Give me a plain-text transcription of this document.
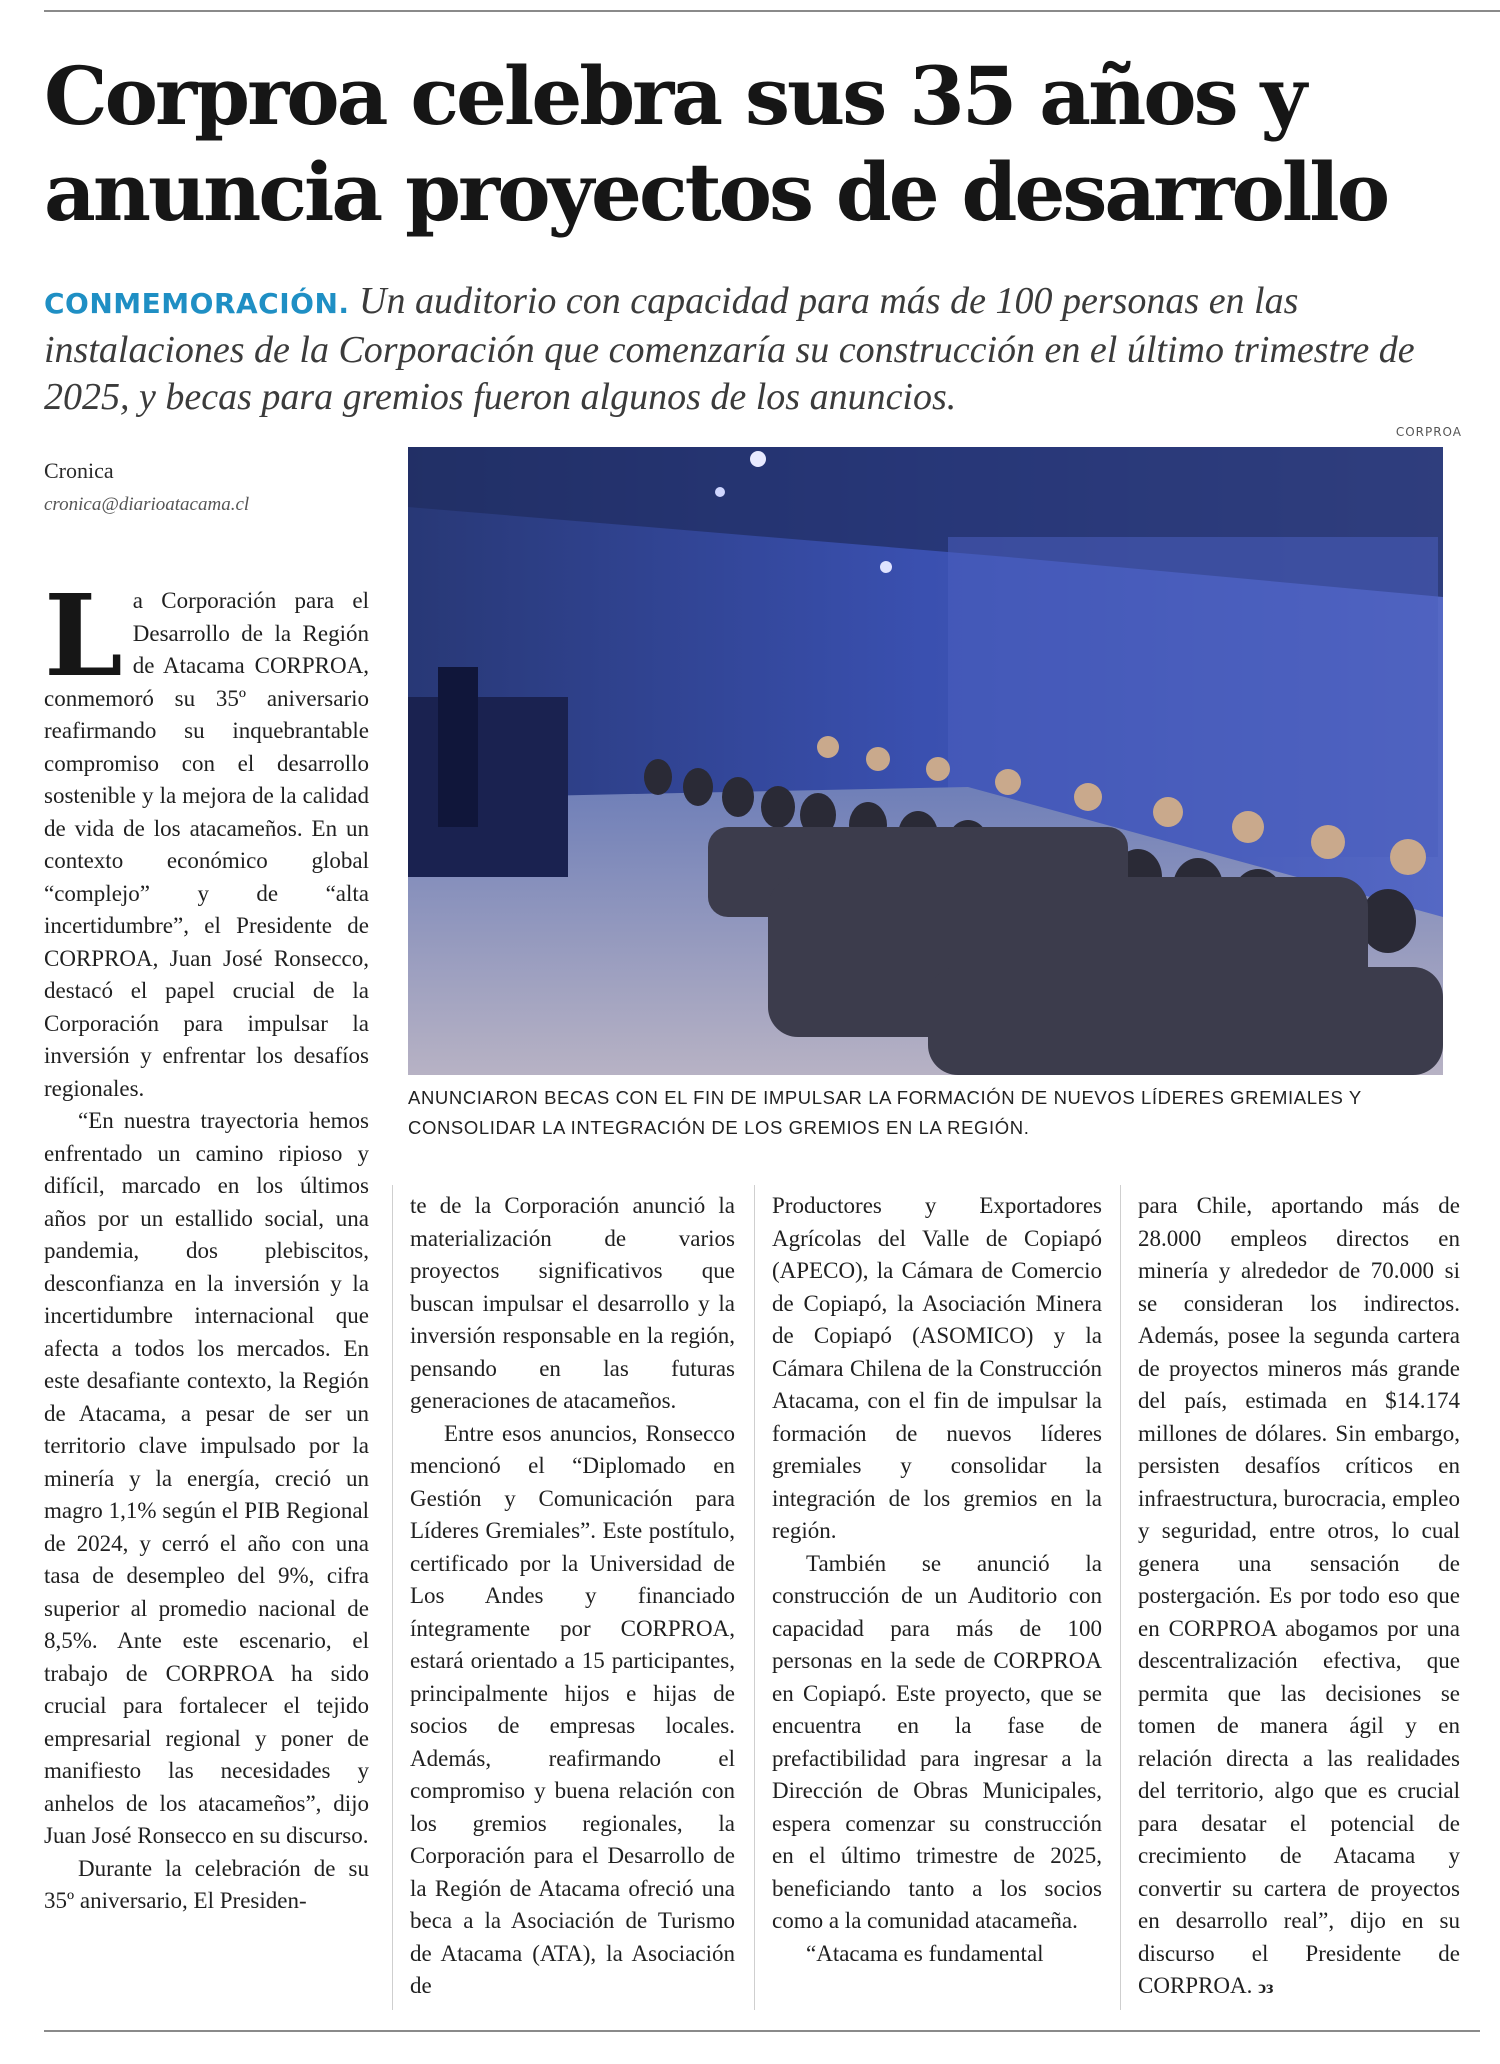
Corproa celebra sus 35 años y anuncia proyectos de desarrollo
CONMEMORACIÓN. Un auditorio con capacidad para más de 100 personas en las instalaciones de la Corporación que comenzaría su construcción en el último trimestre de 2025, y becas para gremios fueron algunos de los anuncios.
CORPROA
Cronica
cronica@diarioatacama.cl
ANUNCIARON BECAS CON EL FIN DE IMPULSAR LA FORMACIÓN DE NUEVOS LÍDERES GREMIALES Y CONSOLIDAR LA INTEGRACIÓN DE LOS GREMIOS EN LA REGIÓN.

La Corporación para el Desarrollo de la Región de Atacama CORPROA, conmemoró su 35º aniversario reafirmando su inquebrantable compromiso con el desarrollo sostenible y la mejora de la calidad de vida de los atacameños. En un contexto económico global “complejo” y de “alta incertidumbre”, el Presidente de CORPROA, Juan José Ronsecco, destacó el papel crucial de la Corporación para impulsar la inversión y enfrentar los desafíos regionales.

“En nuestra trayectoria hemos enfrentado un camino ripioso y difícil, marcado en los últimos años por un estallido social, una pandemia, dos plebiscitos, desconfianza en la inversión y la incertidumbre internacional que afecta a todos los mercados. En este desafiante contexto, la Región de Atacama, a pesar de ser un territorio clave impulsado por la minería y la energía, creció un magro 1,1% según el PIB Regional de 2024, y cerró el año con una tasa de desempleo del 9%, cifra superior al promedio nacional de 8,5%. Ante este escenario, el trabajo de CORPROA ha sido crucial para fortalecer el tejido empresarial regional y poner de manifiesto las necesidades y anhelos de los atacameños”, dijo Juan José Ronsecco en su discurso.

Durante la celebración de su 35º aniversario, El Presiden-

te de la Corporación anunció la materialización de varios proyectos significativos que buscan impulsar el desarrollo y la inversión responsable en la región, pensando en las futuras generaciones de atacameños.

Entre esos anuncios, Ronsecco mencionó el “Diplomado en Gestión y Comunicación para Líderes Gremiales”. Este postítulo, certificado por la Universidad de Los Andes y financiado íntegramente por CORPROA, estará orientado a 15 participantes, principalmente hijos e hijas de socios de empresas locales. Además, reafirmando el compromiso y buena relación con los gremios regionales, la Corporación para el Desarrollo de la Región de Atacama ofreció una beca a la Asociación de Turismo de Atacama (ATA), la Asociación de

Productores y Exportadores Agrícolas del Valle de Copiapó (APECO), la Cámara de Comercio de Copiapó, la Asociación Minera de Copiapó (ASOMICO) y la Cámara Chilena de la Construcción Atacama, con el fin de impulsar la formación de nuevos líderes gremiales y consolidar la integración de los gremios en la región.

También se anunció la construcción de un Auditorio con capacidad para más de 100 personas en la sede de CORPROA en Copiapó. Este proyecto, que se encuentra en la fase de prefactibilidad para ingresar a la Dirección de Obras Municipales, espera comenzar su construcción en el último trimestre de 2025, beneficiando tanto a los socios como a la comunidad atacameña.

“Atacama es fundamental

para Chile, aportando más de 28.000 empleos directos en minería y alrededor de 70.000 si se consideran los indirectos. Además, posee la segunda cartera de proyectos mineros más grande del país, estimada en $14.174 millones de dólares. Sin embargo, persisten desafíos críticos en infraestructura, burocracia, empleo y seguridad, entre otros, lo cual genera una sensación de postergación. Es por todo eso que en CORPROA abogamos por una descentralización efectiva, que permita que las decisiones se tomen de manera ágil y en relación directa a las realidades del territorio, algo que es crucial para desatar el potencial de crecimiento de Atacama y convertir su cartera de proyectos en desarrollo real”, dijo en su discurso el Presidente de CORPROA. ↄз
